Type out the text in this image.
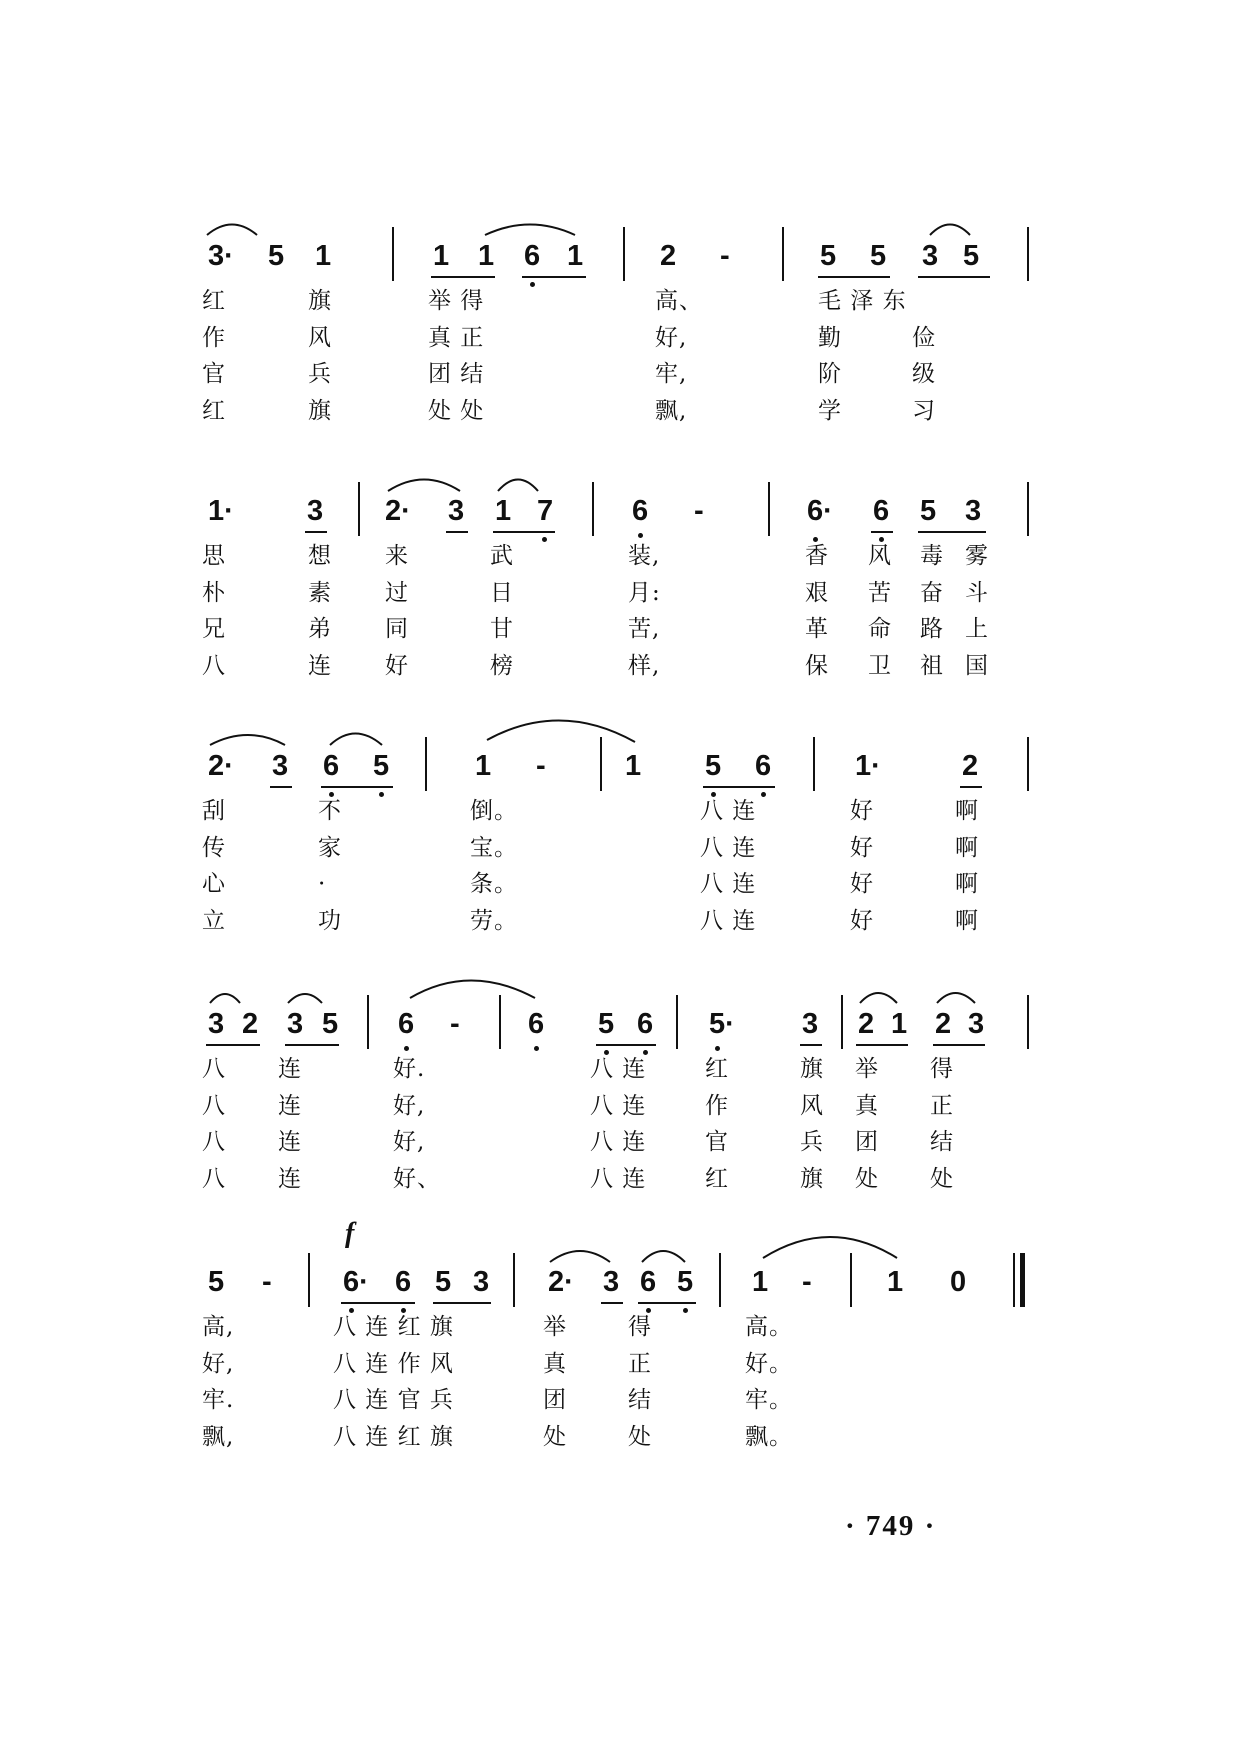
3· 5 1	1 1 6 1	2 -	5 5 3 5
红	旗	举 得	高、	毛 泽 东
作	风	真 正	好,	勤	俭
官	兵	团 结	牢,	阶	级
红	旗	处 处	飘,	学	习
1·	3 2· 3 1 7	6 -	6· 6 5 3
思	想 来	武	装,	香 风 毒 雾
朴	素 过	日	月:	艰 苦 奋 斗
兄	弟 同	甘	苦,	革 命 路 上
八	连 好	榜	样,	保 卫 祖 国
2· 3 6 5	1 -	1 5 6	1·	2
刮	不	倒。	八 连	好	啊
传	家	宝。	八 连	好	啊
心	·	条。	八 连	好	啊
立	功	劳。	八 连	好	啊
3 2 3 5 6 - 6 5 6 5· 3 2 1 2 3
八 连	好.	八 连	红	旗 举 得
八 连	好,	八 连	作	风 真 正
八 连	好,	八 连	官	兵 团 结
八 连	好、	八 连	红	旗 处 处
f
5 - 6· 6 5 3 2· 3 6 5 1 -	1 0
高,	八 连 红 旗	举	得	高。
好,	八 连 作 风	真	正	好。
牢.	八 连 官 兵	团	结	牢。
飘,	八 连 红 旗	处	处	飘。
· 749 ·
